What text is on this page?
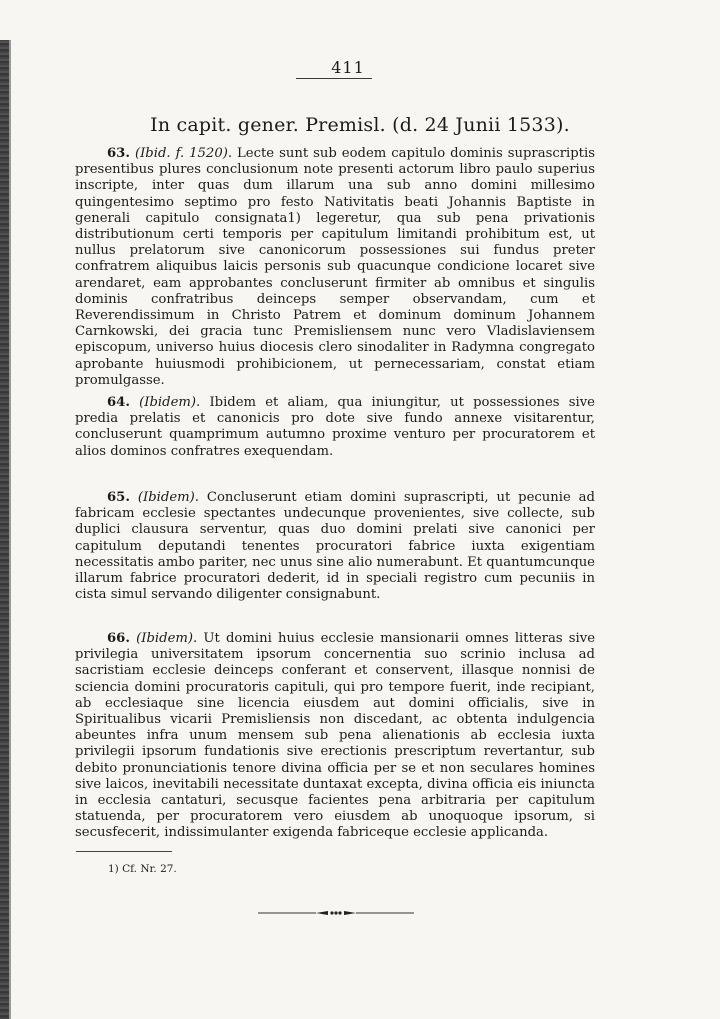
411
In capit. gener. Premisl. (d. 24 Junii 1533).

63. (Ibid. f. 1520). Lecte sunt sub eodem capitulo dominis suprascriptis presentibus plures conclusionum note presenti actorum libro paulo superius inscripte, inter quas dum illarum una sub anno domini millesimo quingentesimo septimo pro festo Nativitatis beati Johannis Baptiste in generali capitulo consignata1) legeretur, qua sub pena privationis distributionum certi temporis per capitulum limitandi prohibitum est, ut nullus prelatorum sive canonicorum possessiones sui fundus preter confratrem aliquibus laicis personis sub quacunque condicione locaret sive arendaret, eam approbantes concluserunt firmiter ab omnibus et singulis dominis confratribus deinceps semper observandam, cum et Reverendissimum in Christo Patrem et dominum dominum Johannem Carnkowski, dei gracia tunc Premisliensem nunc vero Vladislaviensem episcopum, universo huius diocesis clero sinodaliter in Radymna congregato aprobante huiusmodi prohibicionem, ut pernecessariam, constat etiam promulgasse.

64. (Ibidem). Ibidem et aliam, qua iniungitur, ut possessiones sive predia prelatis et canonicis pro dote sive fundo annexe visitarentur, concluserunt quamprimum autumno proxime venturo per procuratorem et alios dominos confratres exequendam.

65. (Ibidem). Concluserunt etiam domini suprascripti, ut pecunie ad fabricam ecclesie spectantes undecunque provenientes, sive collecte, sub duplici clausura serventur, quas duo domini prelati sive canonici per capitulum deputandi tenentes procuratori fabrice iuxta exigentiam necessitatis ambo pariter, nec unus sine alio numerabunt. Et quantumcunque illarum fabrice procuratori dederit, id in speciali registro cum pecuniis in cista simul servando diligenter consignabunt.

66. (Ibidem). Ut domini huius ecclesie mansionarii omnes litteras sive privilegia universitatem ipsorum concernentia suo scrinio inclusa ad sacristiam ecclesie deinceps conferant et conservent, illasque nonnisi de sciencia domini procuratoris capituli, qui pro tempore fuerit, inde recipiant, ab ecclesiaque sine licencia eiusdem aut domini officialis, sive in Spiritualibus vicarii Premisliensis non discedant, ac obtenta indulgencia abeuntes infra unum mensem sub pena alienationis ab ecclesia iuxta privilegii ipsorum fundationis sive erectionis prescriptum revertantur, sub debito pronunciationis tenore divina officia per se et non seculares homines sive laicos, inevitabili necessitate duntaxat excepta, divina officia eis iniuncta in ecclesia cantaturi, secusque facientes pena arbitraria per capitulum statuenda, per procuratorem vero eiusdem ab unoquoque ipsorum, si secusfecerit, indissimulanter exigenda fabriceque ecclesie applicanda.

1) Cf. Nr. 27.
